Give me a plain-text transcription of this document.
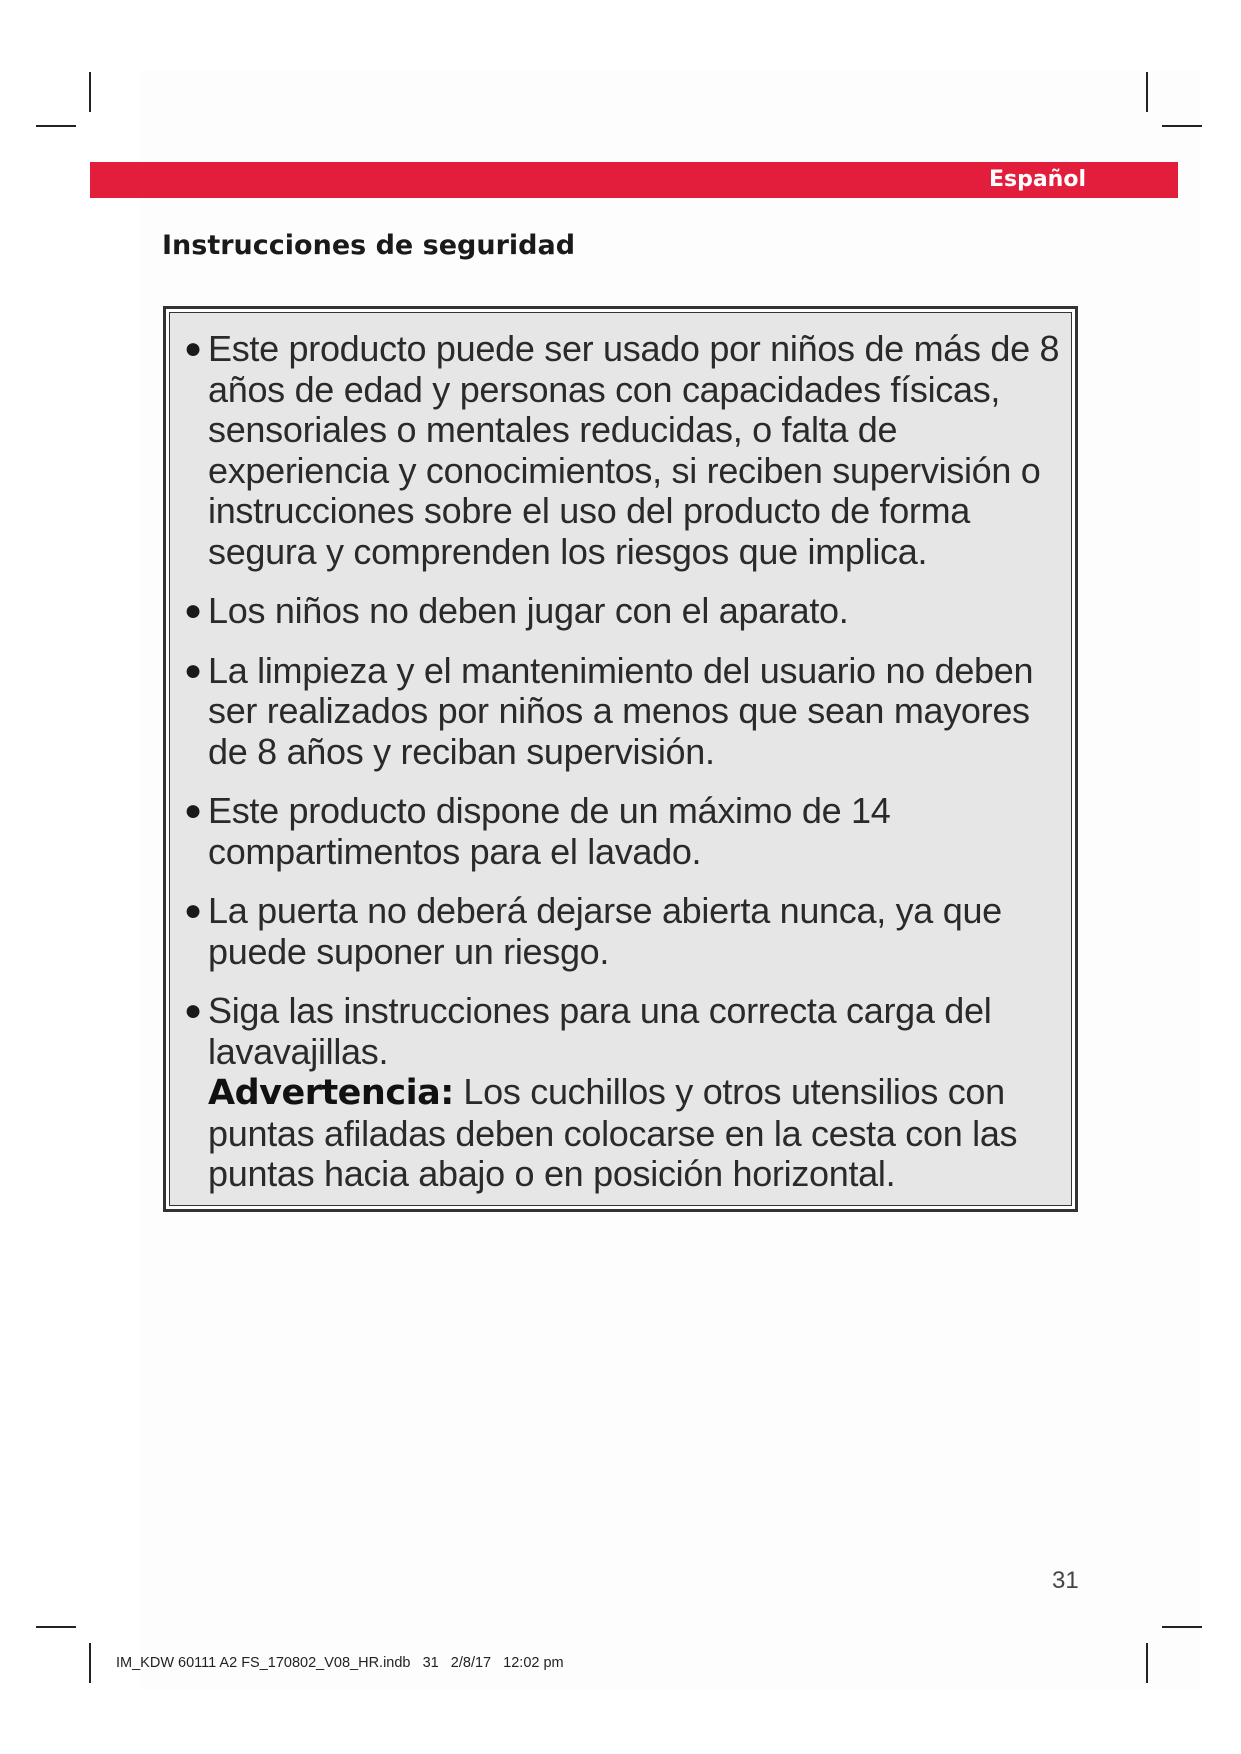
Español
Instrucciones de seguridad
● Este producto puede ser usado por niños de más de 8 años de edad y personas con capacidades físicas, sensoriales o mentales reducidas, o falta de experiencia y conocimientos, si reciben supervisión o instrucciones sobre el uso del producto de forma segura y comprenden los riesgos que implica.
● Los niños no deben jugar con el aparato.
● La limpieza y el mantenimiento del usuario no deben ser realizados por niños a menos que sean mayores de 8 años y reciban supervisión.
● Este producto dispone de un máximo de 14 compartimentos para el lavado.
● La puerta no deberá dejarse abierta nunca, ya que puede suponer un riesgo.
● Siga las instrucciones para una correcta carga del lavavajillas.
Advertencia: Los cuchillos y otros utensilios con puntas afiladas deben colocarse en la cesta con las puntas hacia abajo o en posición horizontal.
31
IM_KDW 60111 A2 FS_170802_V08_HR.indb   31   2/8/17   12:02 pm
